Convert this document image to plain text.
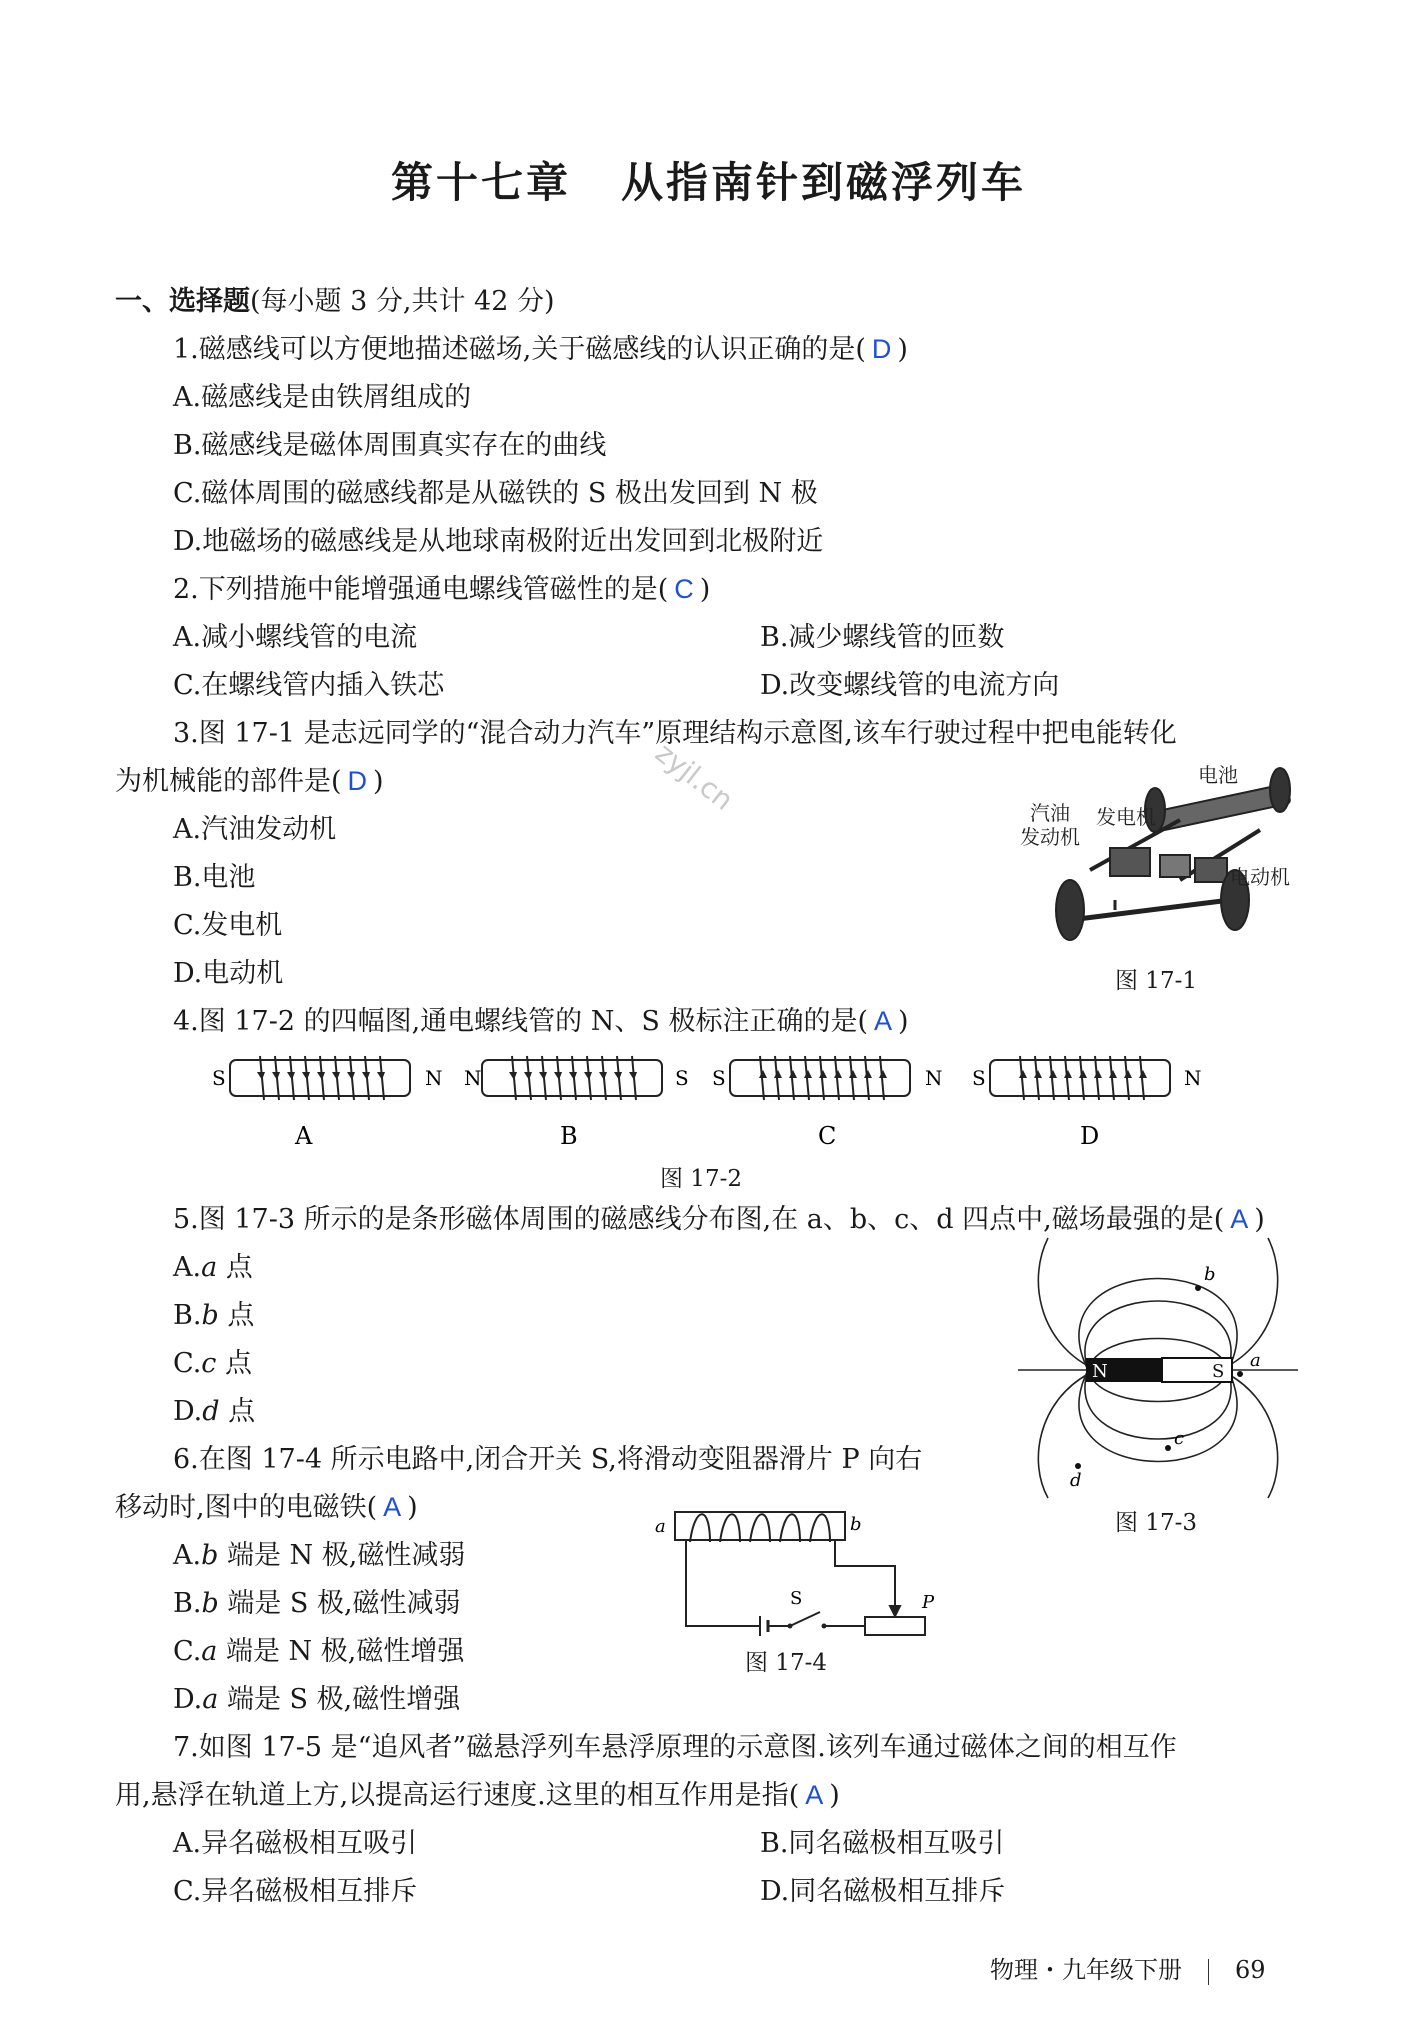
第十七章 从指南针到磁浮列车
一、选择题(每小题 3 分,共计 42 分)
1.磁感线可以方便地描述磁场,关于磁感线的认识正确的是( D )
A.磁感线是由铁屑组成的
B.磁感线是磁体周围真实存在的曲线
C.磁体周围的磁感线都是从磁铁的 S 极出发回到 N 极
D.地磁场的磁感线是从地球南极附近出发回到北极附近
2.下列措施中能增强通电螺线管磁性的是( C )
A.减小螺线管的电流	B.减少螺线管的匝数
C.在螺线管内插入铁芯	D.改变螺线管的电流方向
3.图 17-1 是志远同学的“混合动力汽车”原理结构示意图,该车行驶过程中把电能转化
为机械能的部件是( D )
A.汽油发动机
B.电池
C.发电机
D.电动机
电池
汽油
发动机
发电机
电动机
图 17-1
4.图 17-2 的四幅图,通电螺线管的 N、S 极标注正确的是( A )
S	N
A
N	S
B
S	N
C
S	N
D
图 17-2
5.图 17-3 所示的是条形磁体周围的磁感线分布图,在 a、b、c、d 四点中,磁场最强的是( A )
A.a 点
B.b 点
C.c 点
D.d 点
N	S
a
b
c
d
图 17-3
6.在图 17-4 所示电路中,闭合开关 S,将滑动变阻器滑片 P 向右
移动时,图中的电磁铁( A )
A.b 端是 N 极,磁性减弱
B.b 端是 S 极,磁性减弱
C.a 端是 N 极,磁性增强
D.a 端是 S 极,磁性增强
a	b
S	P
图 17-4
7.如图 17-5 是“追风者”磁悬浮列车悬浮原理的示意图.该列车通过磁体之间的相互作
用,悬浮在轨道上方,以提高运行速度.这里的相互作用是指( A )
A.异名磁极相互吸引	B.同名磁极相互吸引
C.异名磁极相互排斥	D.同名磁极相互排斥
物理・九年级下册 69
zyjl.cn
